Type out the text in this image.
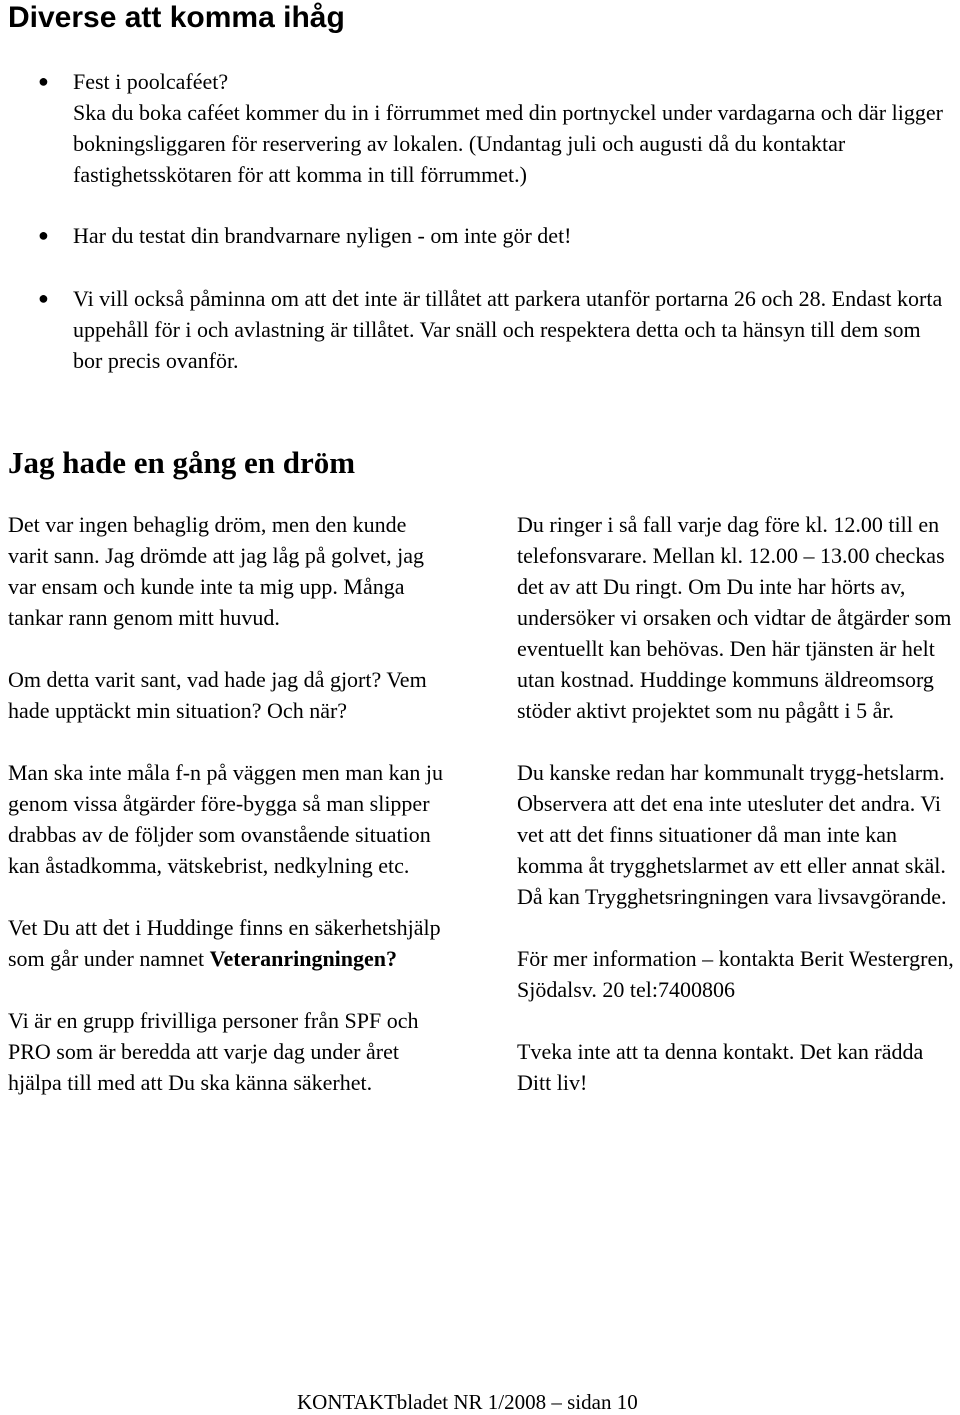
Diverse att komma ihåg
● Fest i poolcaféet?
Ska du boka caféet kommer du in i förrummet med din portnyckel under vardagarna och där ligger bokningsliggaren för reservering av lokalen. (Undantag juli och augusti då du kontaktar fastighetsskötaren för att komma in till förrummet.)

● Har du testat din brandvarnare nyligen - om inte gör det!

● Vi vill också påminna om att det inte är tillåtet att parkera utanför portarna 26 och 28. Endast korta uppehåll för i och avlastning är tillåtet. Var snäll och respektera detta och ta hänsyn till dem som bor precis ovanför.

Jag hade en gång en dröm

Det var ingen behaglig dröm, men den kunde varit sann. Jag drömde att jag låg på golvet, jag var ensam och kunde inte ta mig upp. Många tankar rann genom mitt huvud.

Om detta varit sant, vad hade jag då gjort? Vem hade upptäckt min situation? Och när?

Man ska inte måla f-n på väggen men man kan ju genom vissa åtgärder före-bygga så man slipper drabbas av de följder som ovanstående situation kan åstadkomma, vätskebrist, nedkylning etc.

Vet Du att det i Huddinge finns en säkerhetshjälp som går under namnet Veteranringningen?

Vi är en grupp frivilliga personer från SPF och PRO som är beredda att varje dag under året hjälpa till med att Du ska känna säkerhet.

Du ringer i så fall varje dag före kl. 12.00 till en telefonsvarare. Mellan kl. 12.00 – 13.00 checkas det av att Du ringt. Om Du inte har hörts av, undersöker vi orsaken och vidtar de åtgärder som eventuellt kan behövas. Den här tjänsten är helt utan kostnad. Huddinge kommuns äldreomsorg stöder aktivt projektet som nu pågått i 5 år.

Du kanske redan har kommunalt trygg-hetslarm. Observera att det ena inte utesluter det andra. Vi vet att det finns situationer då man inte kan komma åt trygghetslarmet av ett eller annat skäl. Då kan Trygghetsringningen vara livsavgörande.

För mer information – kontakta Berit Westergren, Sjödalsv. 20 tel:7400806

Tveka inte att ta denna kontakt. Det kan rädda Ditt liv!

KONTAKTbladet NR 1/2008 – sidan 10
